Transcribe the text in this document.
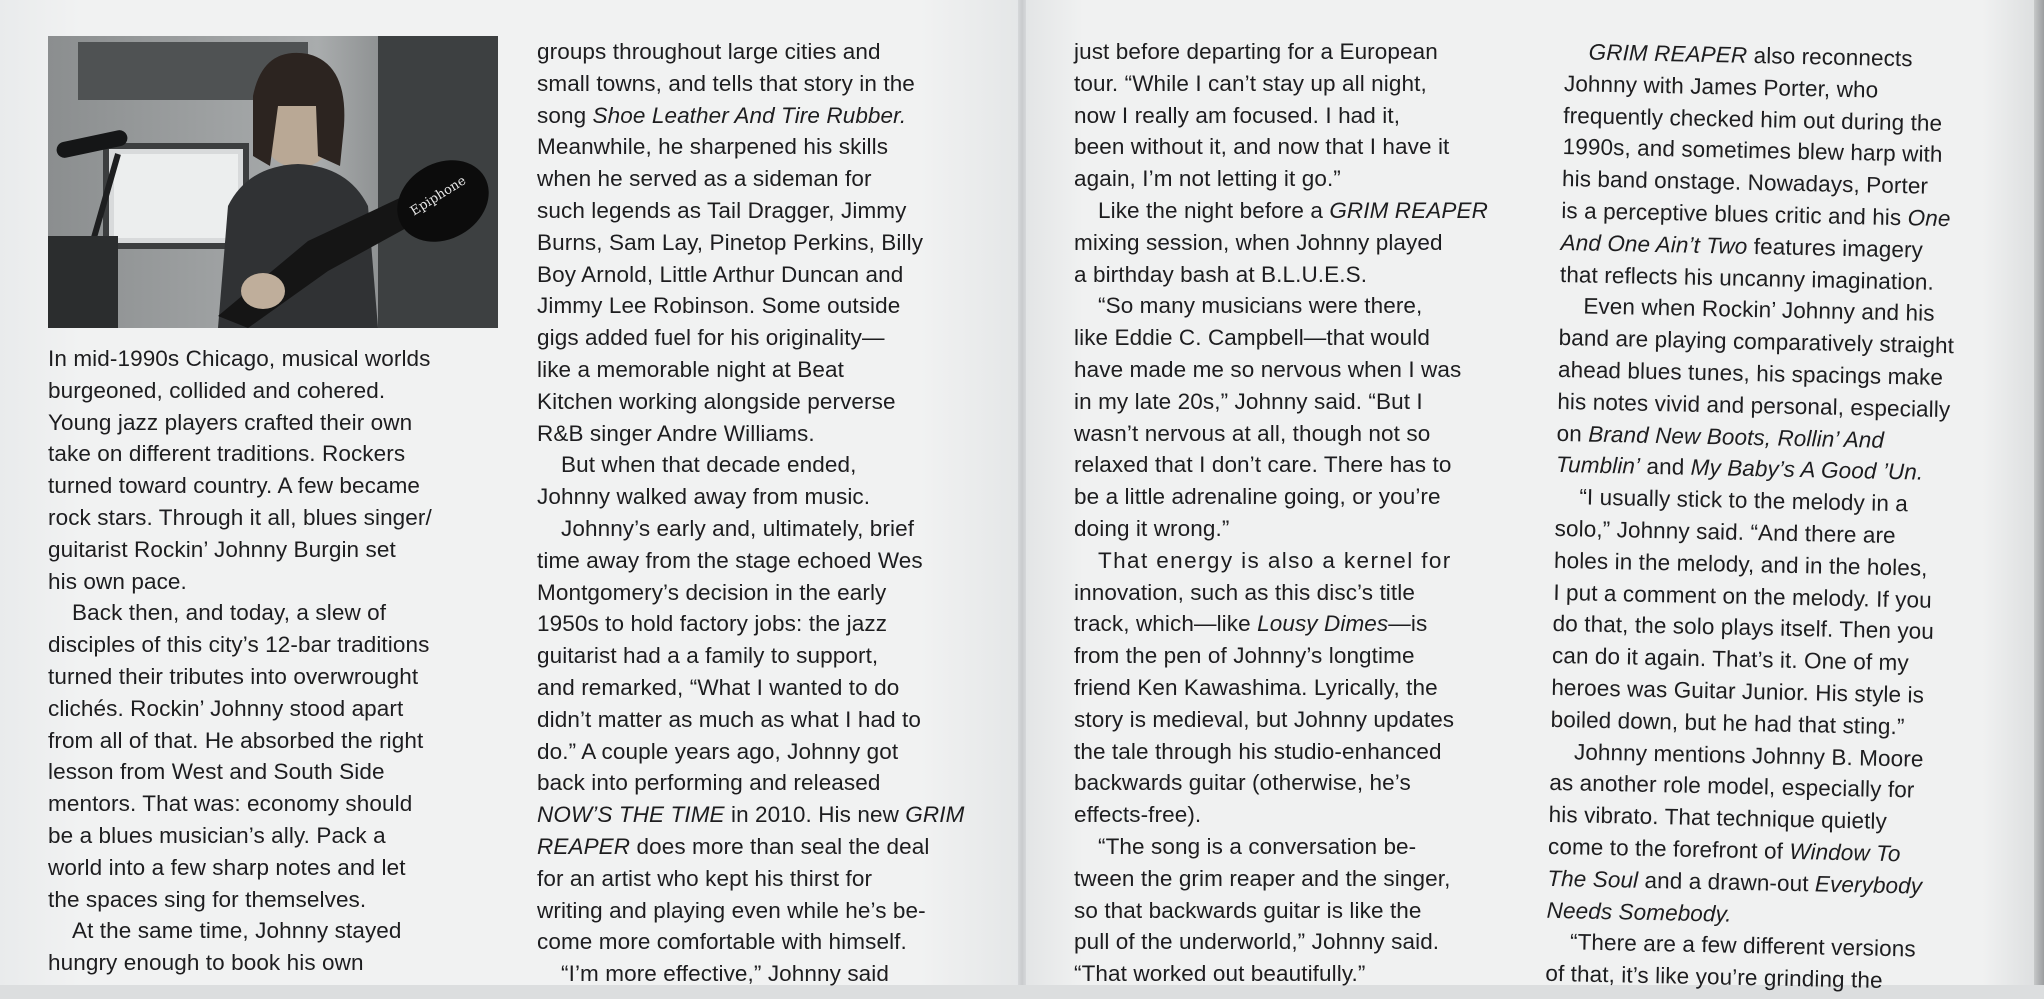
Epiphone

In mid-1990s Chicago, musical worlds
burgeoned, collided and cohered.
Young jazz players crafted their own
take on different traditions. Rockers
turned toward country. A few became
rock stars. Through it all, blues singer/
guitarist Rockin’ Johnny Burgin set
his own pace.

Back then, and today, a slew of
disciples of this city’s 12-bar traditions
turned their tributes into overwrought
clichés. Rockin’ Johnny stood apart
from all of that. He absorbed the right
lesson from West and South Side
mentors. That was: economy should
be a blues musician’s ally. Pack a
world into a few sharp notes and let
the spaces sing for themselves.

At the same time, Johnny stayed
hungry enough to book his own

groups throughout large cities and
small towns, and tells that story in the
song Shoe Leather And Tire Rubber.
Meanwhile, he sharpened his skills
when he served as a sideman for
such legends as Tail Dragger, Jimmy
Burns, Sam Lay, Pinetop Perkins, Billy
Boy Arnold, Little Arthur Duncan and
Jimmy Lee Robinson. Some outside
gigs added fuel for his originality—
like a memorable night at Beat
Kitchen working alongside perverse
R&B singer Andre Williams.
But when that decade ended,
Johnny walked away from music.
Johnny’s early and, ultimately, brief
time away from the stage echoed Wes
Montgomery’s decision in the early
1950s to hold factory jobs: the jazz
guitarist had a a family to support,
and remarked, “What I wanted to do
didn’t matter as much as what I had to
do.” A couple years ago, Johnny got
back into performing and released
NOW’S THE TIME in 2010. His new GRIM
REAPER does more than seal the deal
for an artist who kept his thirst for
writing and playing even while he’s be-
come more comfortable with himself.
“I’m more effective,” Johnny said
just before departing for a European
tour. “While I can’t stay up all night,
now I really am focused. I had it,
been without it, and now that I have it
again, I’m not letting it go.”
Like the night before a GRIM REAPER
mixing session, when Johnny played
a birthday bash at B.L.U.E.S.
“So many musicians were there,
like Eddie C. Campbell—that would
have made me so nervous when I was
in my late 20s,” Johnny said. “But I
wasn’t nervous at all, though not so
relaxed that I don’t care. There has to
be a little adrenaline going, or you’re
doing it wrong.”
That energy is also a kernel for
innovation, such as this disc’s title
track, which—like Lousy Dimes—is
from the pen of Johnny’s longtime
friend Ken Kawashima. Lyrically, the
story is medieval, but Johnny updates
the tale through his studio-enhanced
backwards guitar (otherwise, he’s
effects-free).
“The song is a conversation be-
tween the grim reaper and the singer,
so that backwards guitar is like the
pull of the underworld,” Johnny said.
“That worked out beautifully.”
GRIM REAPER also reconnects
Johnny with James Porter, who
frequently checked him out during the
1990s, and sometimes blew harp with
his band onstage. Nowadays, Porter
is a perceptive blues critic and his One
And One Ain’t Two features imagery
that reflects his uncanny imagination.
Even when Rockin’ Johnny and his
band are playing comparatively straight
ahead blues tunes, his spacings make
his notes vivid and personal, especially
on Brand New Boots, Rollin’ And
Tumblin’ and My Baby’s A Good ’Un.
“I usually stick to the melody in a
solo,” Johnny said. “And there are
holes in the melody, and in the holes,
I put a comment on the melody. If you
do that, the solo plays itself. Then you
can do it again. That’s it. One of my
heroes was Guitar Junior. His style is
boiled down, but he had that sting.”
Johnny mentions Johnny B. Moore
as another role model, especially for
his vibrato. That technique quietly
come to the forefront of Window To
The Soul and a drawn-out Everybody
Needs Somebody.
“There are a few different versions
of that, it’s like you’re grinding the
